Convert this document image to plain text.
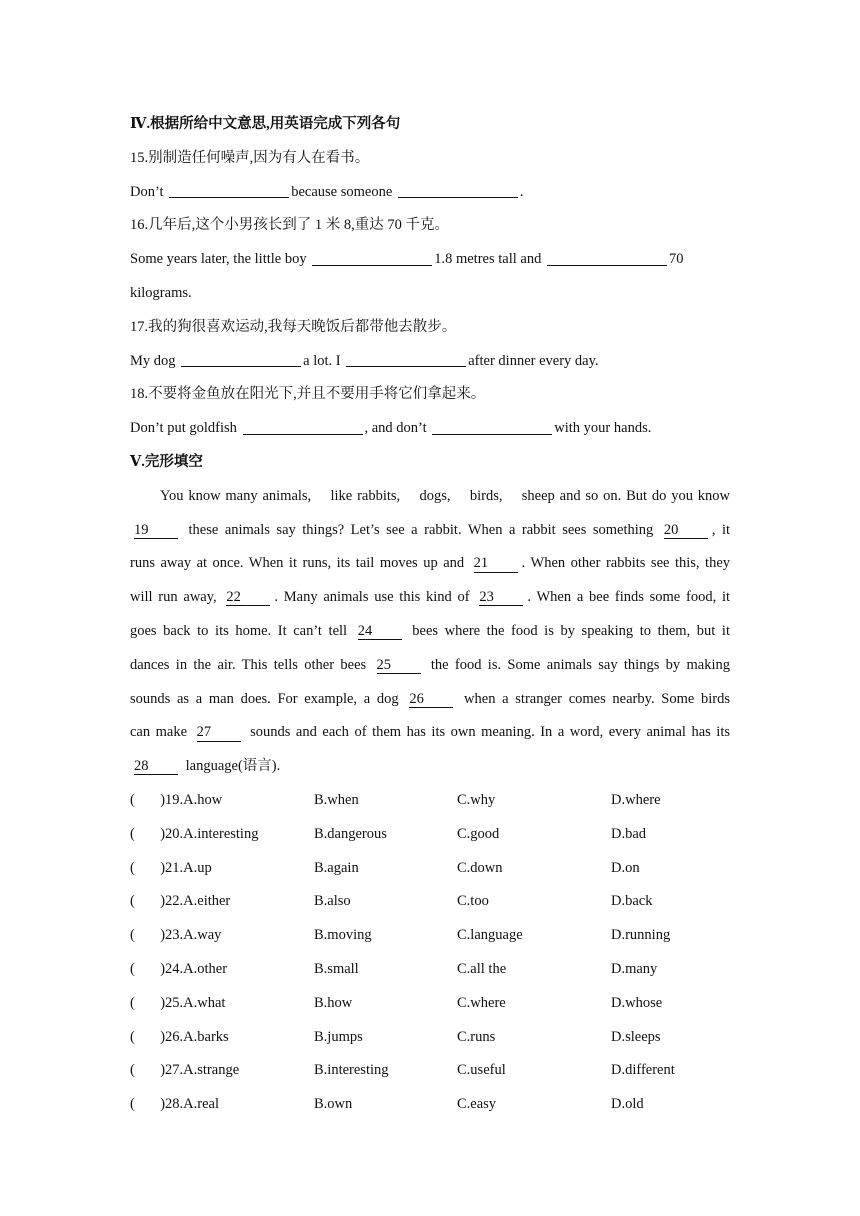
Ⅳ.根据所给中文意思,用英语完成下列各句
15.别制造任何噪声,因为有人在看书。
Don’t	because someone	.
16.几年后,这个小男孩长到了 1 米 8,重达 70 千克。
Some years later, the little boy	1.8 metres tall and	70
kilograms.
17.我的狗很喜欢运动,我每天晚饭后都带他去散步。
My dog	a lot. I	after dinner every day.
18.不要将金鱼放在阳光下,并且不要用手将它们拿起来。
Don’t put goldfish	, and don’t	with your hands.
Ⅴ.完形填空
You know many animals,    like rabbits,    dogs,    birds,    sheep and so on. But do you know
19	these animals say things? Let’s see a rabbit. When a rabbit sees something 20 , it
runs away at once. When it runs, its tail moves up and 21 . When other rabbits see this, they
will run away, 22 . Many animals use this kind of 23 . When a bee finds some food, it
goes back to its home. It can’t tell 24	bees where the food is by speaking to them, but it
dances in the air. This tells other bees 25	the food is. Some animals say things by making
sounds as a man does. For example, a dog 26	when a stranger comes nearby. Some birds
can make 27	sounds and each of them has its own meaning. In a word, every animal has its
28	language(语言).
(       )19.A.how	B.when	C.why	D.where
(       )20.A.interesting	B.dangerous	C.good	D.bad
(       )21.A.up	B.again	C.down	D.on
(       )22.A.either	B.also	C.too	D.back
(       )23.A.way	B.moving	C.language	D.running
(       )24.A.other	B.small	C.all the	D.many
(       )25.A.what	B.how	C.where	D.whose
(       )26.A.barks	B.jumps	C.runs	D.sleeps
(       )27.A.strange	B.interesting	C.useful	D.different
(       )28.A.real	B.own	C.easy	D.old
